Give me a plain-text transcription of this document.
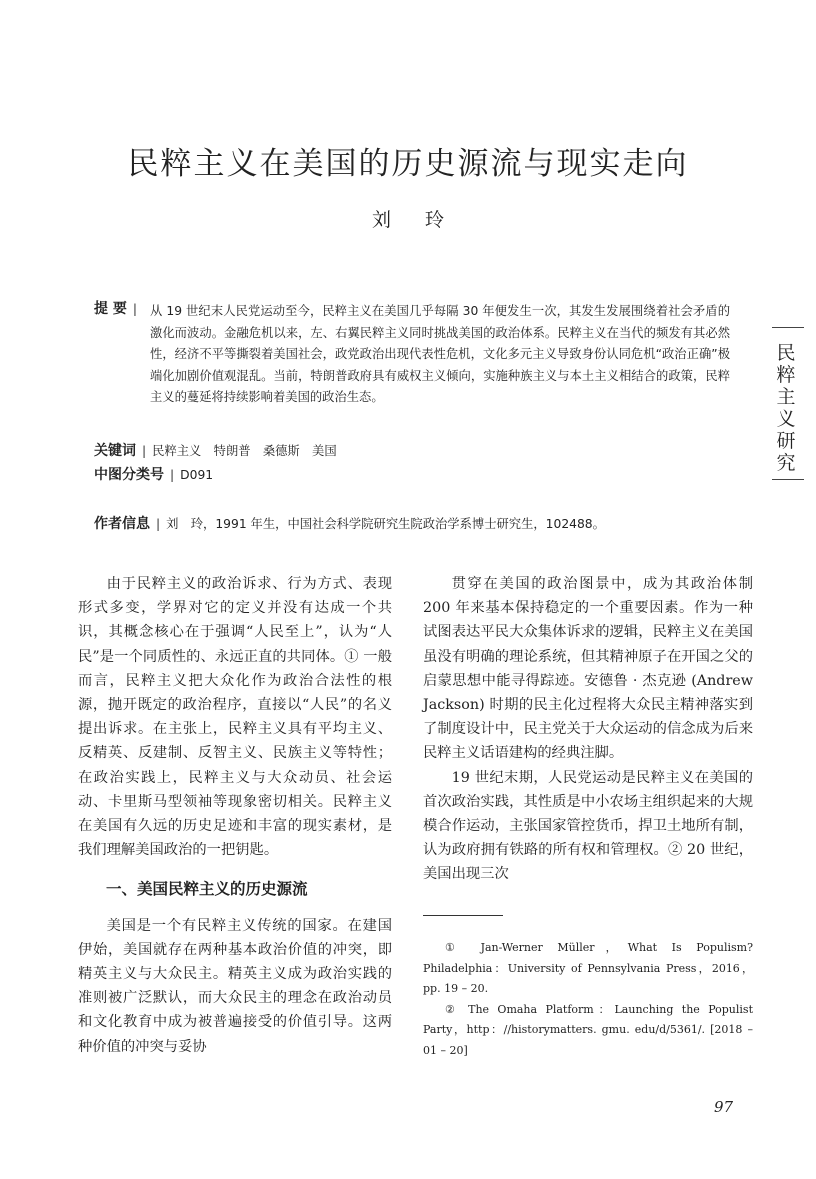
民粹主义在美国的历史源流与现实走向
刘 玲
提 要 |	从 19 世纪末人民党运动至今，民粹主义在美国几乎每隔 30 年便发生一次，其发生发展围绕着社会矛盾的激化而波动。金融危机以来，左、右翼民粹主义同时挑战美国的政治体系。民粹主义在当代的频发有其必然性，经济不平等撕裂着美国社会，政党政治出现代表性危机，文化多元主义导致身份认同危机“政治正确”极端化加剧价值观混乱。当前，特朗普政府具有威权主义倾向，实施种族主义与本土主义相结合的政策，民粹主义的蔓延将持续影响着美国的政治生态。
关键词 | 民粹主义　特朗普　桑德斯　美国
中图分类号 | D091
作者信息 | 刘　玲，1991 年生，中国社会科学院研究生院政治学系博士研究生，102488。
民
粹
主
义
研
究

由于民粹主义的政治诉求、行为方式、表现形式多变，学界对它的定义并没有达成一个共识，其概念核心在于强调“人民至上”，认为“人民”是一个同质性的、永远正直的共同体。① 一般而言，民粹主义把大众化作为政治合法性的根源，抛开既定的政治程序，直接以“人民”的名义提出诉求。在主张上，民粹主义具有平均主义、反精英、反建制、反智主义、民族主义等特性；在政治实践上，民粹主义与大众动员、社会运动、卡里斯马型领袖等现象密切相关。民粹主义在美国有久远的历史足迹和丰富的现实素材，是我们理解美国政治的一把钥匙。

一、美国民粹主义的历史源流

美国是一个有民粹主义传统的国家。在建国伊始，美国就存在两种基本政治价值的冲突，即精英主义与大众民主。精英主义成为政治实践的准则被广泛默认，而大众民主的理念在政治动员和文化教育中成为被普遍接受的价值引导。这两种价值的冲突与妥协

贯穿在美国的政治图景中，成为其政治体制 200 年来基本保持稳定的一个重要因素。作为一种试图表达平民大众集体诉求的逻辑，民粹主义在美国虽没有明确的理论系统，但其精神原子在开国之父的启蒙思想中能寻得踪迹。安德鲁 · 杰克逊 (Andrew Jackson) 时期的民主化过程将大众民主精神落实到了制度设计中，民主党关于大众运动的信念成为后来民粹主义话语建构的经典注脚。

19 世纪末期，人民党运动是民粹主义在美国的首次政治实践，其性质是中小农场主组织起来的大规模合作运动，主张国家管控货币，捍卫土地所有制，认为政府拥有铁路的所有权和管理权。② 20 世纪，美国出现三次

① Jan-Werner Müller，What Is Populism? Philadelphia：University of Pennsylvania Press，2016，pp. 19 – 20.

② The Omaha Platform：Launching the Populist Party，http：//historymatters. gmu. edu/d/5361/. [2018 – 01 – 20]

97
